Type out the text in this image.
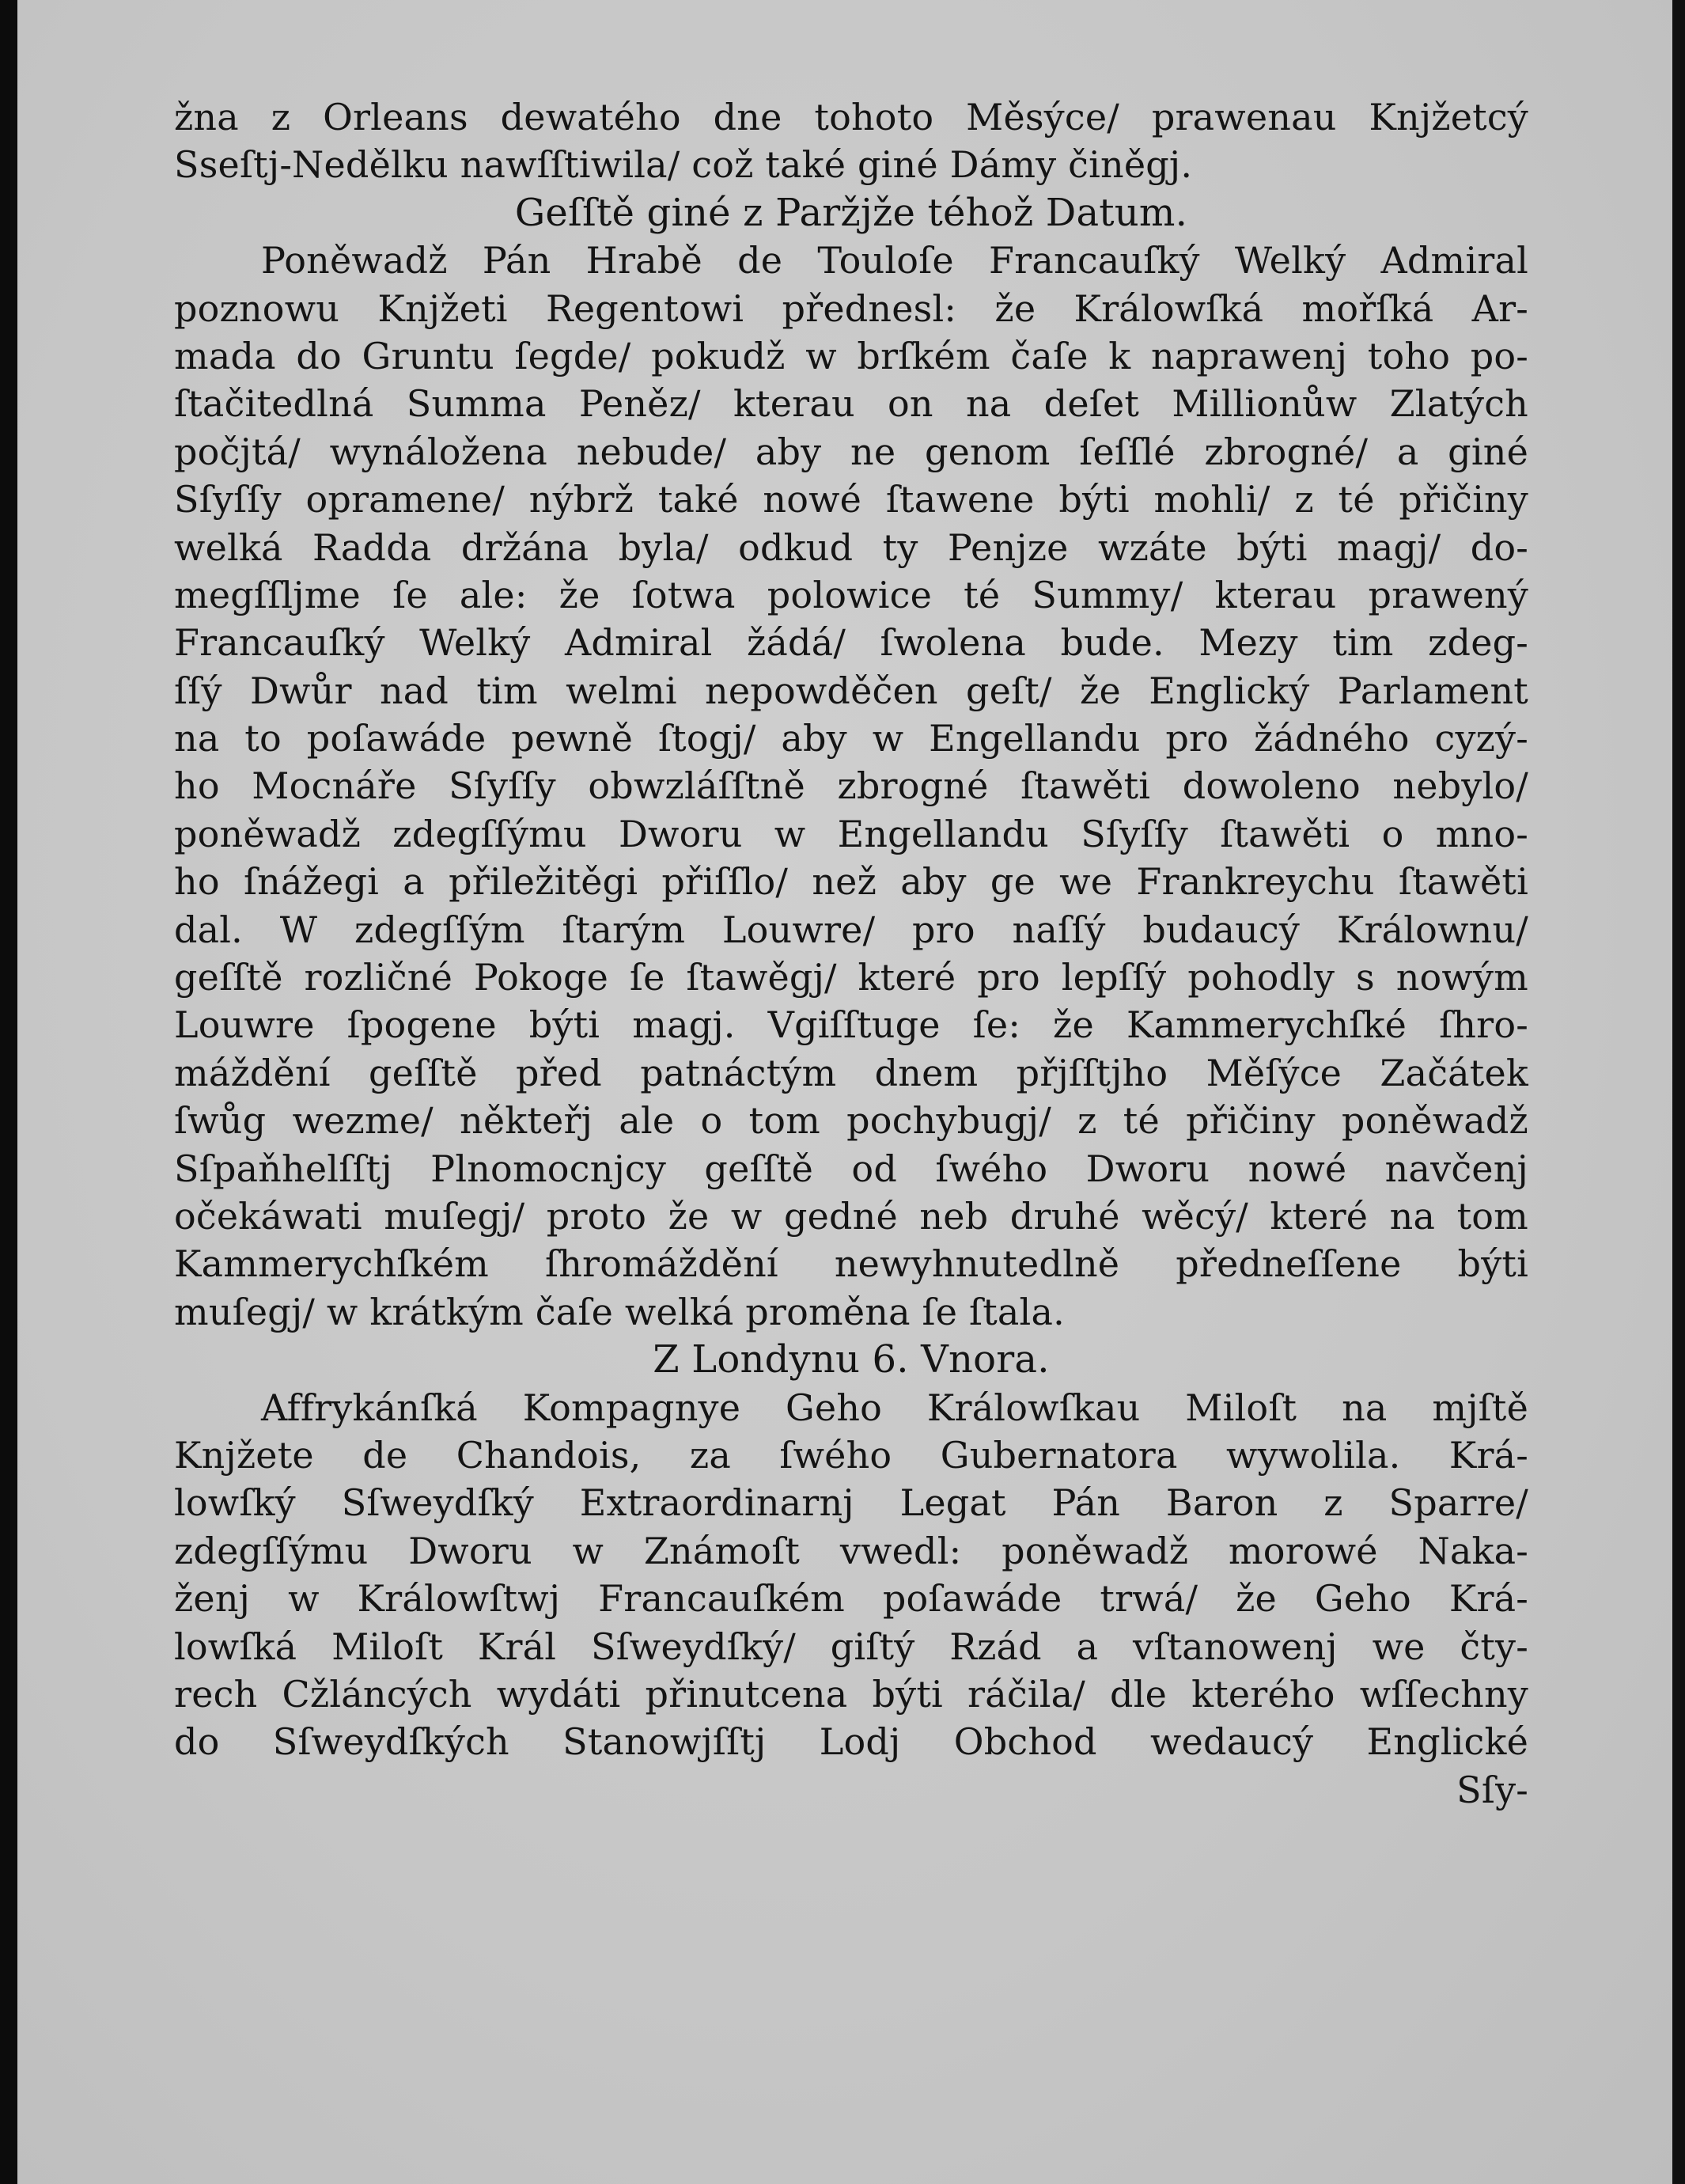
žna z Orleans dewatého dne tohoto Měsýce/ prawenau Knjžetcý
Sseſtj-Nedělku nawſſtiwila/ což také giné Dámy činěgj.
Geſſtě giné z Paržjže téhož Datum.
Poněwadž Pán Hrabě de Touloſe Francauſký Welký Admiral
poznowu Knjžeti Regentowi přednesl: že Králowſká mořſká Ar-
mada do Gruntu ſegde/ pokudž w brſkém čaſe k naprawenj toho po-
ſtačitedlná Summa Peněz/ kterau on na deſet Millionůw Zlatých
počjtá/ wynáložena nebude/ aby ne genom ſeſſlé zbrogné/ a giné
Sſyſſy opramene/ nýbrž také nowé ſtawene býti mohli/ z té přičiny
welká Radda držána byla/ odkud ty Penjze wzáte býti magj/ do-
megſſljme ſe ale: že ſotwa polowice té Summy/ kterau prawený
Francauſký Welký Admiral žádá/ ſwolena bude. Mezy tim zdeg-
ſſý Dwůr nad tim welmi nepowděčen geſt/ že Englický Parlament
na to poſawáde pewně ſtogj/ aby w Engellandu pro žádného cyzý-
ho Mocnáře Sſyſſy obwzláſſtně zbrogné ſtawěti dowoleno nebylo/
poněwadž zdegſſýmu Dworu w Engellandu Sſyſſy ſtawěti o mno-
ho ſnážegi a přiležitěgi přiſſlo/ než aby ge we Frankreychu ſtawěti
dal. W zdegſſým ſtarým Louwre/ pro naſſý budaucý Králownu/
geſſtě rozličné Pokoge ſe ſtawěgj/ které pro lepſſý pohodly s nowým
Louwre ſpogene býti magj. Vgiſſtuge ſe: že Kammerychſké ſhro-
máždění geſſtě před patnáctým dnem přjſſtjho Měſýce Začátek
ſwůg wezme/ někteřj ale o tom pochybugj/ z té přičiny poněwadž
Sſpaňhelſſtj Plnomocnjcy geſſtě od ſwého Dworu nowé navčenj
očekáwati muſegj/ proto že w gedné neb druhé wěcý/ které na tom
Kammerychſkém ſhromáždění newyhnutedlně předneſſene býti
muſegj/ w krátkým čaſe welká proměna ſe ſtala.
Z Londynu 6. Vnora.
Affrykánſká Kompagnye Geho Králowſkau Miloſt na mjſtě
Knjžete de Chandois, za ſwého Gubernatora wywolila. Krá-
lowſký Sſweydſký Extraordinarnj Legat Pán Baron z Sparre/
zdegſſýmu Dworu w Známoſt vwedl: poněwadž morowé Naka-
ženj w Králowſtwj Francauſkém poſawáde trwá/ že Geho Krá-
lowſká Miloſt Král Sſweydſký/ giſtý Rzád a vſtanowenj we čty-
rech Cžláncých wydáti přinutcena býti ráčila/ dle kterého wſſechny
do Sſweydſkých Stanowjſſtj Lodj Obchod wedaucý Englické
Sſy-
